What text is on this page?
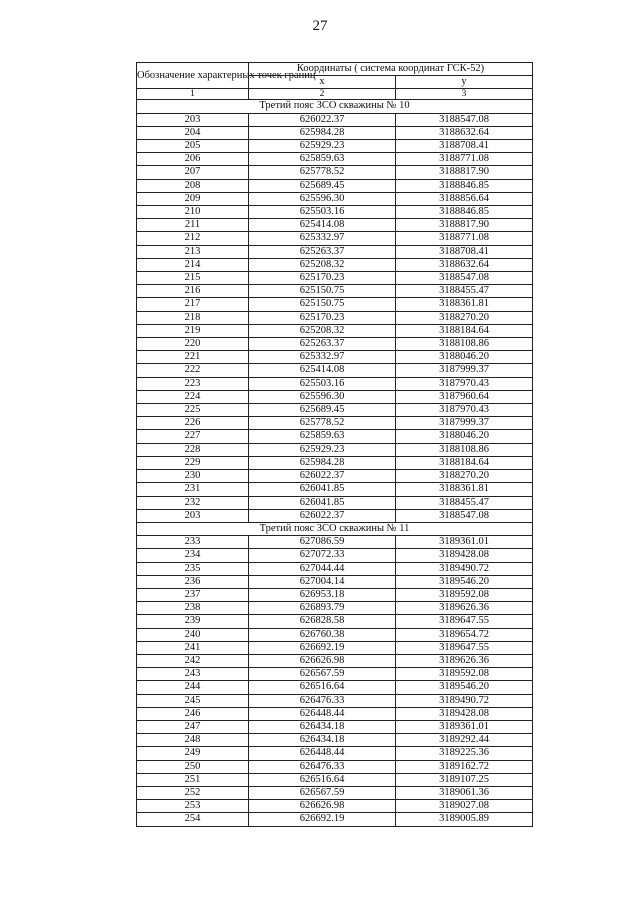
27
Обозначение характерных точек границ	Координаты ( система координат ГСК-52)	
	x	y
1	2	3
Третий пояс ЗСО скважины № 10		
203	626022.37	3188547.08
204	625984.28	3188632.64
205	625929.23	3188708.41
206	625859.63	3188771.08
207	625778.52	3188817.90
208	625689.45	3188846.85
209	625596.30	3188856.64
210	625503.16	3188846.85
211	625414.08	3188817.90
212	625332.97	3188771.08
213	625263.37	3188708.41
214	625208.32	3188632.64
215	625170.23	3188547.08
216	625150.75	3188455.47
217	625150.75	3188361.81
218	625170.23	3188270.20
219	625208.32	3188184.64
220	625263.37	3188108.86
221	625332.97	3188046.20
222	625414.08	3187999.37
223	625503.16	3187970.43
224	625596.30	3187960.64
225	625689.45	3187970.43
226	625778.52	3187999.37
227	625859.63	3188046.20
228	625929.23	3188108.86
229	625984.28	3188184.64
230	626022.37	3188270.20
231	626041.85	3188361.81
232	626041.85	3188455.47
203	626022.37	3188547.08
Третий пояс ЗСО скважины № 11		
233	627086.59	3189361.01
234	627072.33	3189428.08
235	627044.44	3189490.72
236	627004.14	3189546.20
237	626953.18	3189592.08
238	626893.79	3189626.36
239	626828.58	3189647.55
240	626760.38	3189654.72
241	626692.19	3189647.55
242	626626.98	3189626.36
243	626567.59	3189592.08
244	626516.64	3189546.20
245	626476.33	3189490.72
246	626448.44	3189428.08
247	626434.18	3189361.01
248	626434.18	3189292.44
249	626448.44	3189225.36
250	626476.33	3189162.72
251	626516.64	3189107.25
252	626567.59	3189061.36
253	626626.98	3189027.08
254	626692.19	3189005.89
